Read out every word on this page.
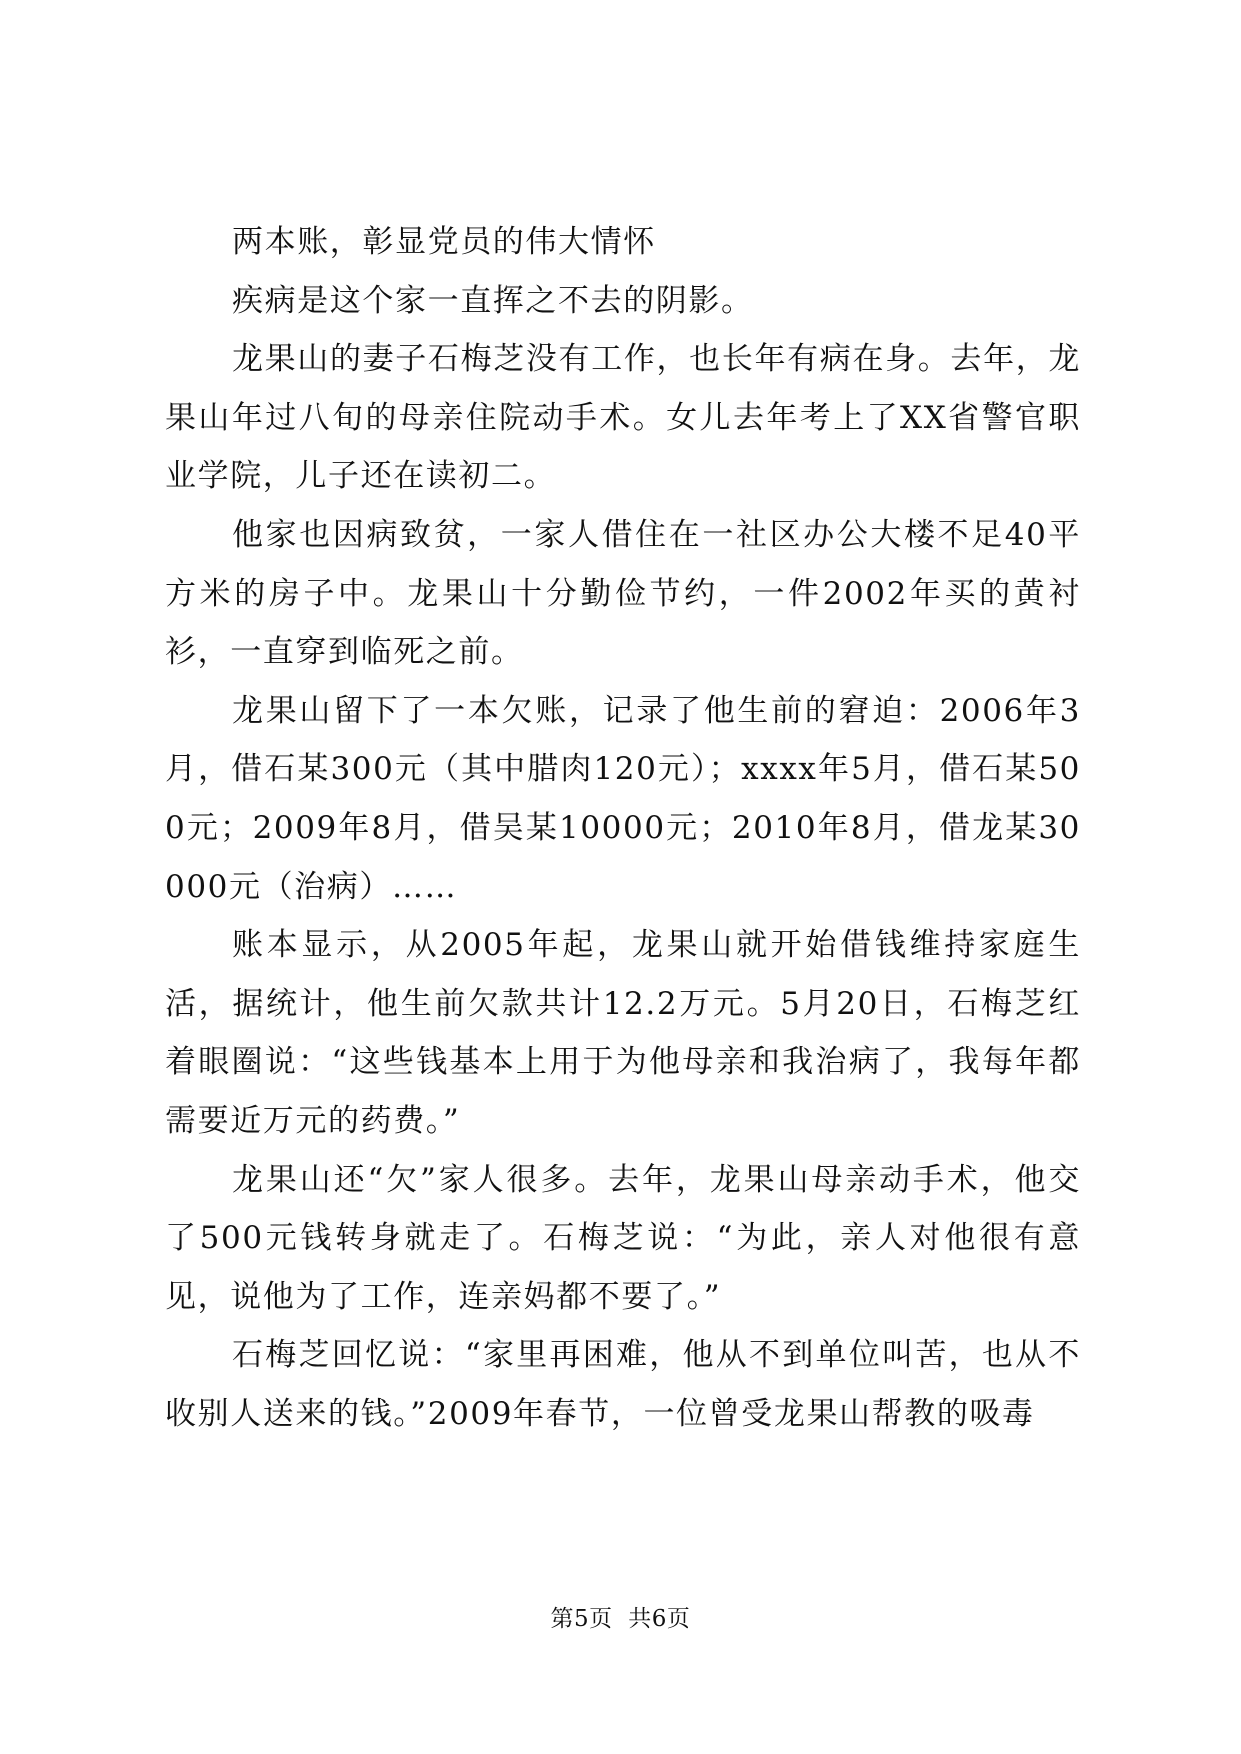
两本账，彰显党员的伟大情怀

疾病是这个家一直挥之不去的阴影。

龙果山的妻子石梅芝没有工作，也长年有病在身。去年，龙果山年过八旬的母亲住院动手术。女儿去年考上了XX省警官职业学院，儿子还在读初二。

他家也因病致贫，一家人借住在一社区办公大楼不足40平方米的房子中。龙果山十分勤俭节约，一件2002年买的黄衬衫，一直穿到临死之前。

龙果山留下了一本欠账，记录了他生前的窘迫：2006年3月，借石某300元（其中腊肉120元）；xxxx年5月，借石某500元；2009年8月，借吴某10000元；2010年8月，借龙某30000元（治病）……

账本显示，从2005年起，龙果山就开始借钱维持家庭生活，据统计，他生前欠款共计12.2万元。5月20日，石梅芝红着眼圈说：“这些钱基本上用于为他母亲和我治病了，我每年都需要近万元的药费。”

龙果山还“欠”家人很多。去年，龙果山母亲动手术，他交了500元钱转身就走了。石梅芝说：“为此，亲人对他很有意见，说他为了工作，连亲妈都不要了。”

石梅芝回忆说：“家里再困难，他从不到单位叫苦，也从不收别人送来的钱。”2009年春节，一位曾受龙果山帮教的吸毒

第5页  共6页
